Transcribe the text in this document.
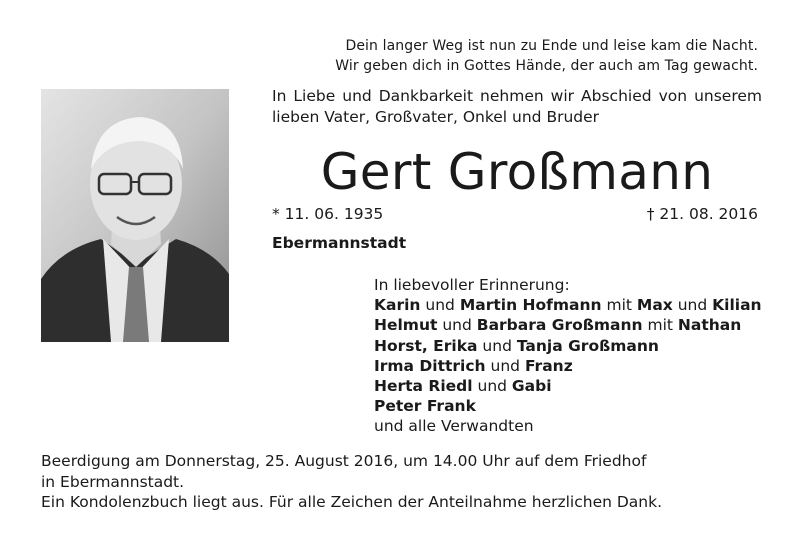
Dein langer Weg ist nun zu Ende und leise kam die Nacht.
Wir geben dich in Gottes Hände, der auch am Tag gewacht.
In Liebe und Dankbarkeit nehmen wir Abschied von unserem lieben Vater, Großvater, Onkel und Bruder
Gert Großmann
* 11. 06. 1935	† 21. 08. 2016
Ebermannstadt
In liebevoller Erinnerung:
Karin und Martin Hofmann mit Max und Kilian
Helmut und Barbara Großmann mit Nathan
Horst, Erika und Tanja Großmann
Irma Dittrich und Franz
Herta Riedl und Gabi
Peter Frank
und alle Verwandten
Beerdigung am Donnerstag, 25. August 2016, um 14.00 Uhr auf dem Friedhof
in Ebermannstadt.
Ein Kondolenzbuch liegt aus. Für alle Zeichen der Anteilnahme herzlichen Dank.
